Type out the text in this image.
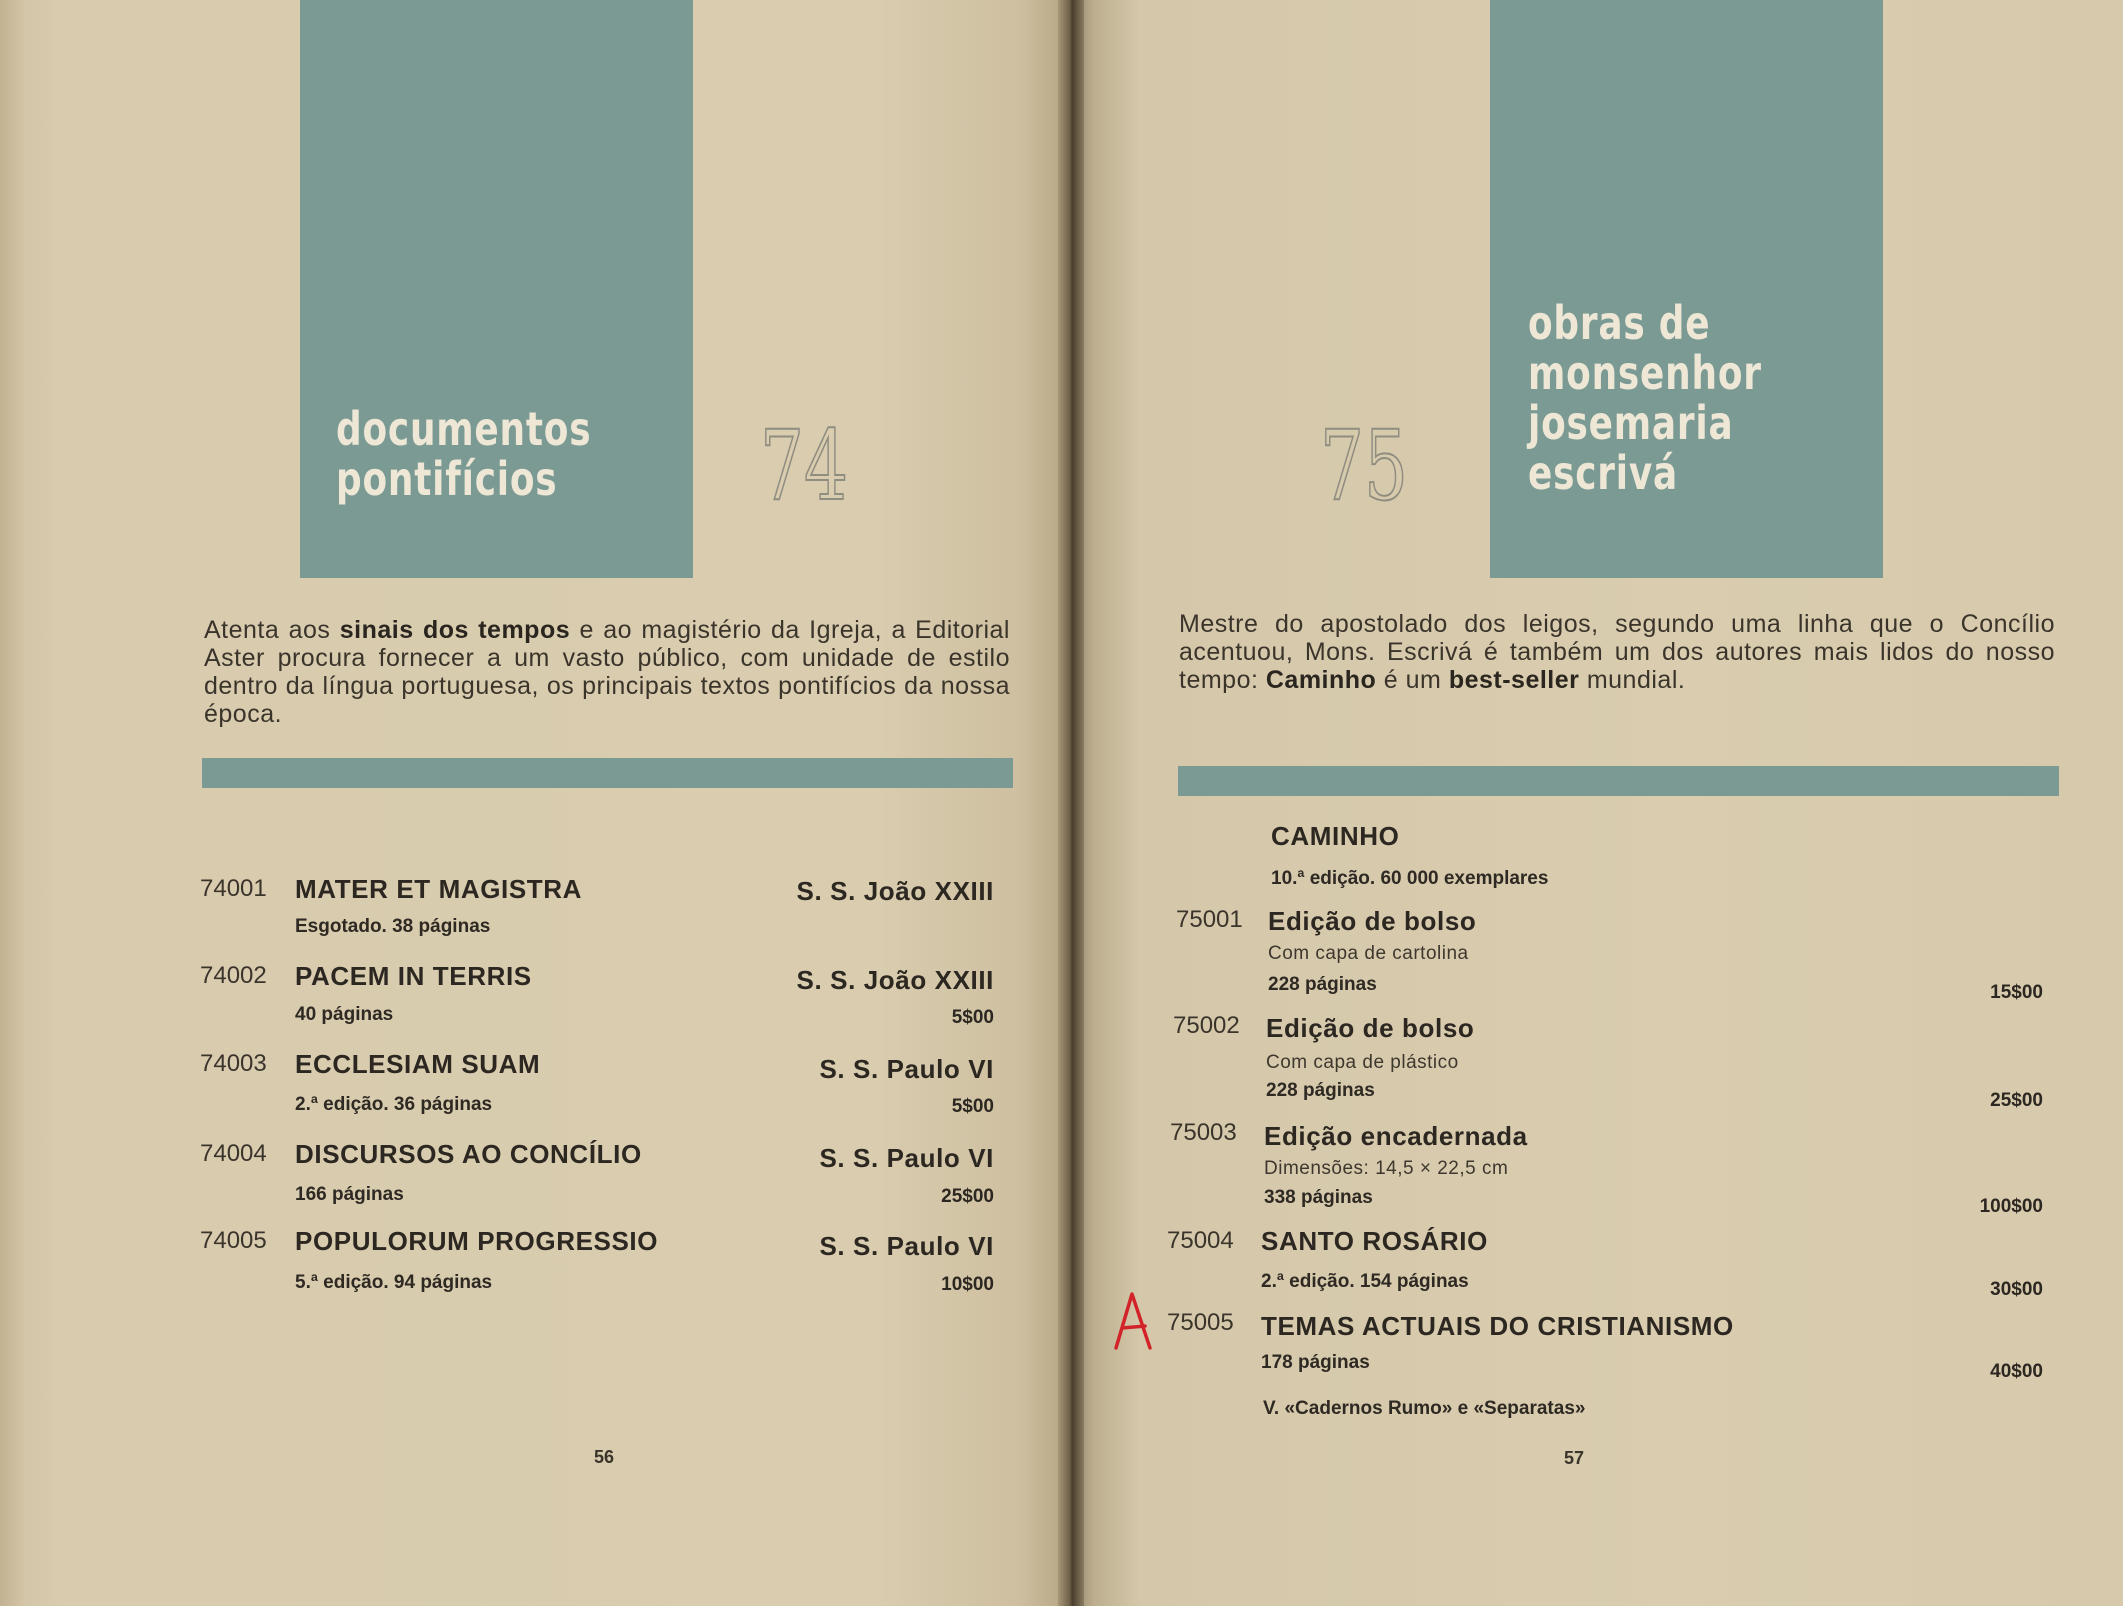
documentos
pontifícios	74
Atenta aos sinais dos tempos e ao magistério da Igreja, a Editorial Aster procura fornecer a um vasto público, com unidade de estilo dentro da língua portuguesa, os principais textos pontifícios da nossa época.
74001 MATER ET MAGISTRA	S. S. João XXIII
Esgotado. 38 páginas
74002 PACEM IN TERRIS	S. S. João XXIII
40 páginas	5$00
74003 ECCLESIAM SUAM	S. S. Paulo VI
2.ª edição. 36 páginas	5$00
74004 DISCURSOS AO CONCÍLIO	S. S. Paulo VI
166 páginas	25$00
74005 POPULORUM PROGRESSIO	S. S. Paulo VI
5.ª edição. 94 páginas	10$00
56
obras de
monsenhor
josemaria
escrivá
75
Mestre do apostolado dos leigos, segundo uma linha que o Concílio acentuou, Mons. Escrivá é também um dos autores mais lidos do nosso tempo: Caminho é um best-seller mundial.
CAMINHO
10.ª edição. 60 000 exemplares
75001 Edição de bolso
Com capa de cartolina
228 páginas	15$00
75002 Edição de bolso
Com capa de plástico
228 páginas	25$00
75003 Edição encadernada
Dimensões: 14,5 × 22,5 cm
338 páginas	100$00
75004 SANTO ROSÁRIO
2.ª edição. 154 páginas	30$00
75005 TEMAS ACTUAIS DO CRISTIANISMO
178 páginas	40$00
V. «Cadernos Rumo» e «Separatas»
57
